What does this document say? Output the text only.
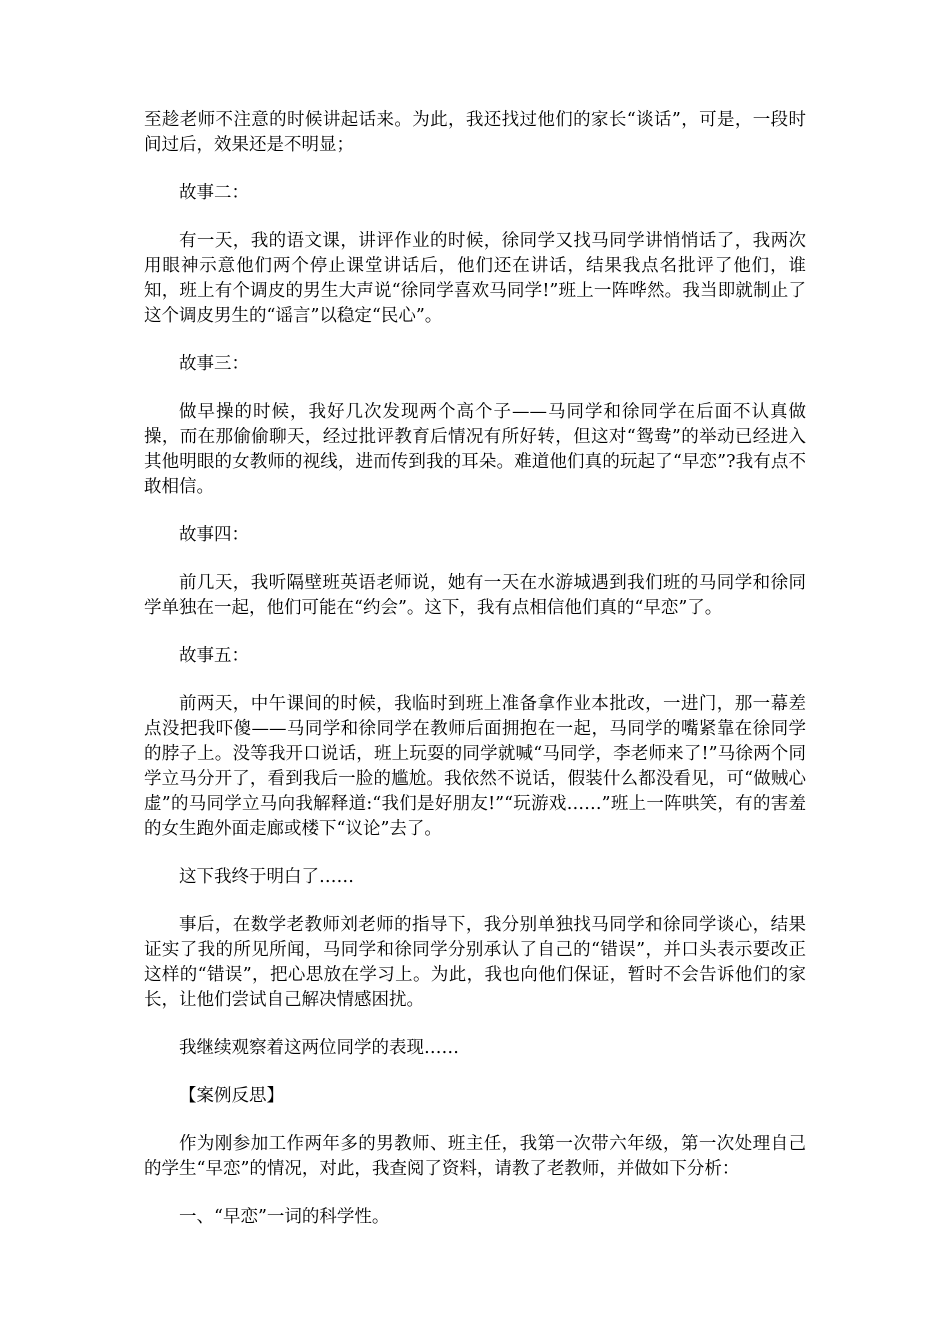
至趁老师不注意的时候讲起话来。为此，我还找过他们的家长“谈话”，可是，一段时间过后，效果还是不明显；

故事二：

有一天，我的语文课，讲评作业的时候，徐同学又找马同学讲悄悄话了，我两次用眼神示意他们两个停止课堂讲话后，他们还在讲话，结果我点名批评了他们，谁知，班上有个调皮的男生大声说“徐同学喜欢马同学!”班上一阵哗然。我当即就制止了这个调皮男生的“谣言”以稳定“民心”。

故事三：

做早操的时候，我好几次发现两个高个子——马同学和徐同学在后面不认真做操，而在那偷偷聊天，经过批评教育后情况有所好转，但这对“鸳鸯”的举动已经进入其他明眼的女教师的视线，进而传到我的耳朵。难道他们真的玩起了“早恋”?我有点不敢相信。

故事四：

前几天，我听隔壁班英语老师说，她有一天在水游城遇到我们班的马同学和徐同学单独在一起，他们可能在“约会”。这下，我有点相信他们真的“早恋”了。

故事五：

前两天，中午课间的时候，我临时到班上准备拿作业本批改，一进门，那一幕差点没把我吓傻——马同学和徐同学在教师后面拥抱在一起，马同学的嘴紧靠在徐同学的脖子上。没等我开口说话，班上玩耍的同学就喊“马同学，李老师来了!”马徐两个同学立马分开了，看到我后一脸的尴尬。我依然不说话，假装什么都没看见，可“做贼心虚”的马同学立马向我解释道:“我们是好朋友!”“玩游戏……”班上一阵哄笑，有的害羞的女生跑外面走廊或楼下“议论”去了。

这下我终于明白了……

事后，在数学老教师刘老师的指导下，我分别单独找马同学和徐同学谈心，结果证实了我的所见所闻，马同学和徐同学分别承认了自己的“错误”，并口头表示要改正这样的“错误”，把心思放在学习上。为此，我也向他们保证，暂时不会告诉他们的家长，让他们尝试自己解决情感困扰。

我继续观察着这两位同学的表现……

【案例反思】

作为刚参加工作两年多的男教师、班主任，我第一次带六年级，第一次处理自己的学生“早恋”的情况，对此，我查阅了资料，请教了老教师，并做如下分析：

一、“早恋”一词的科学性。
